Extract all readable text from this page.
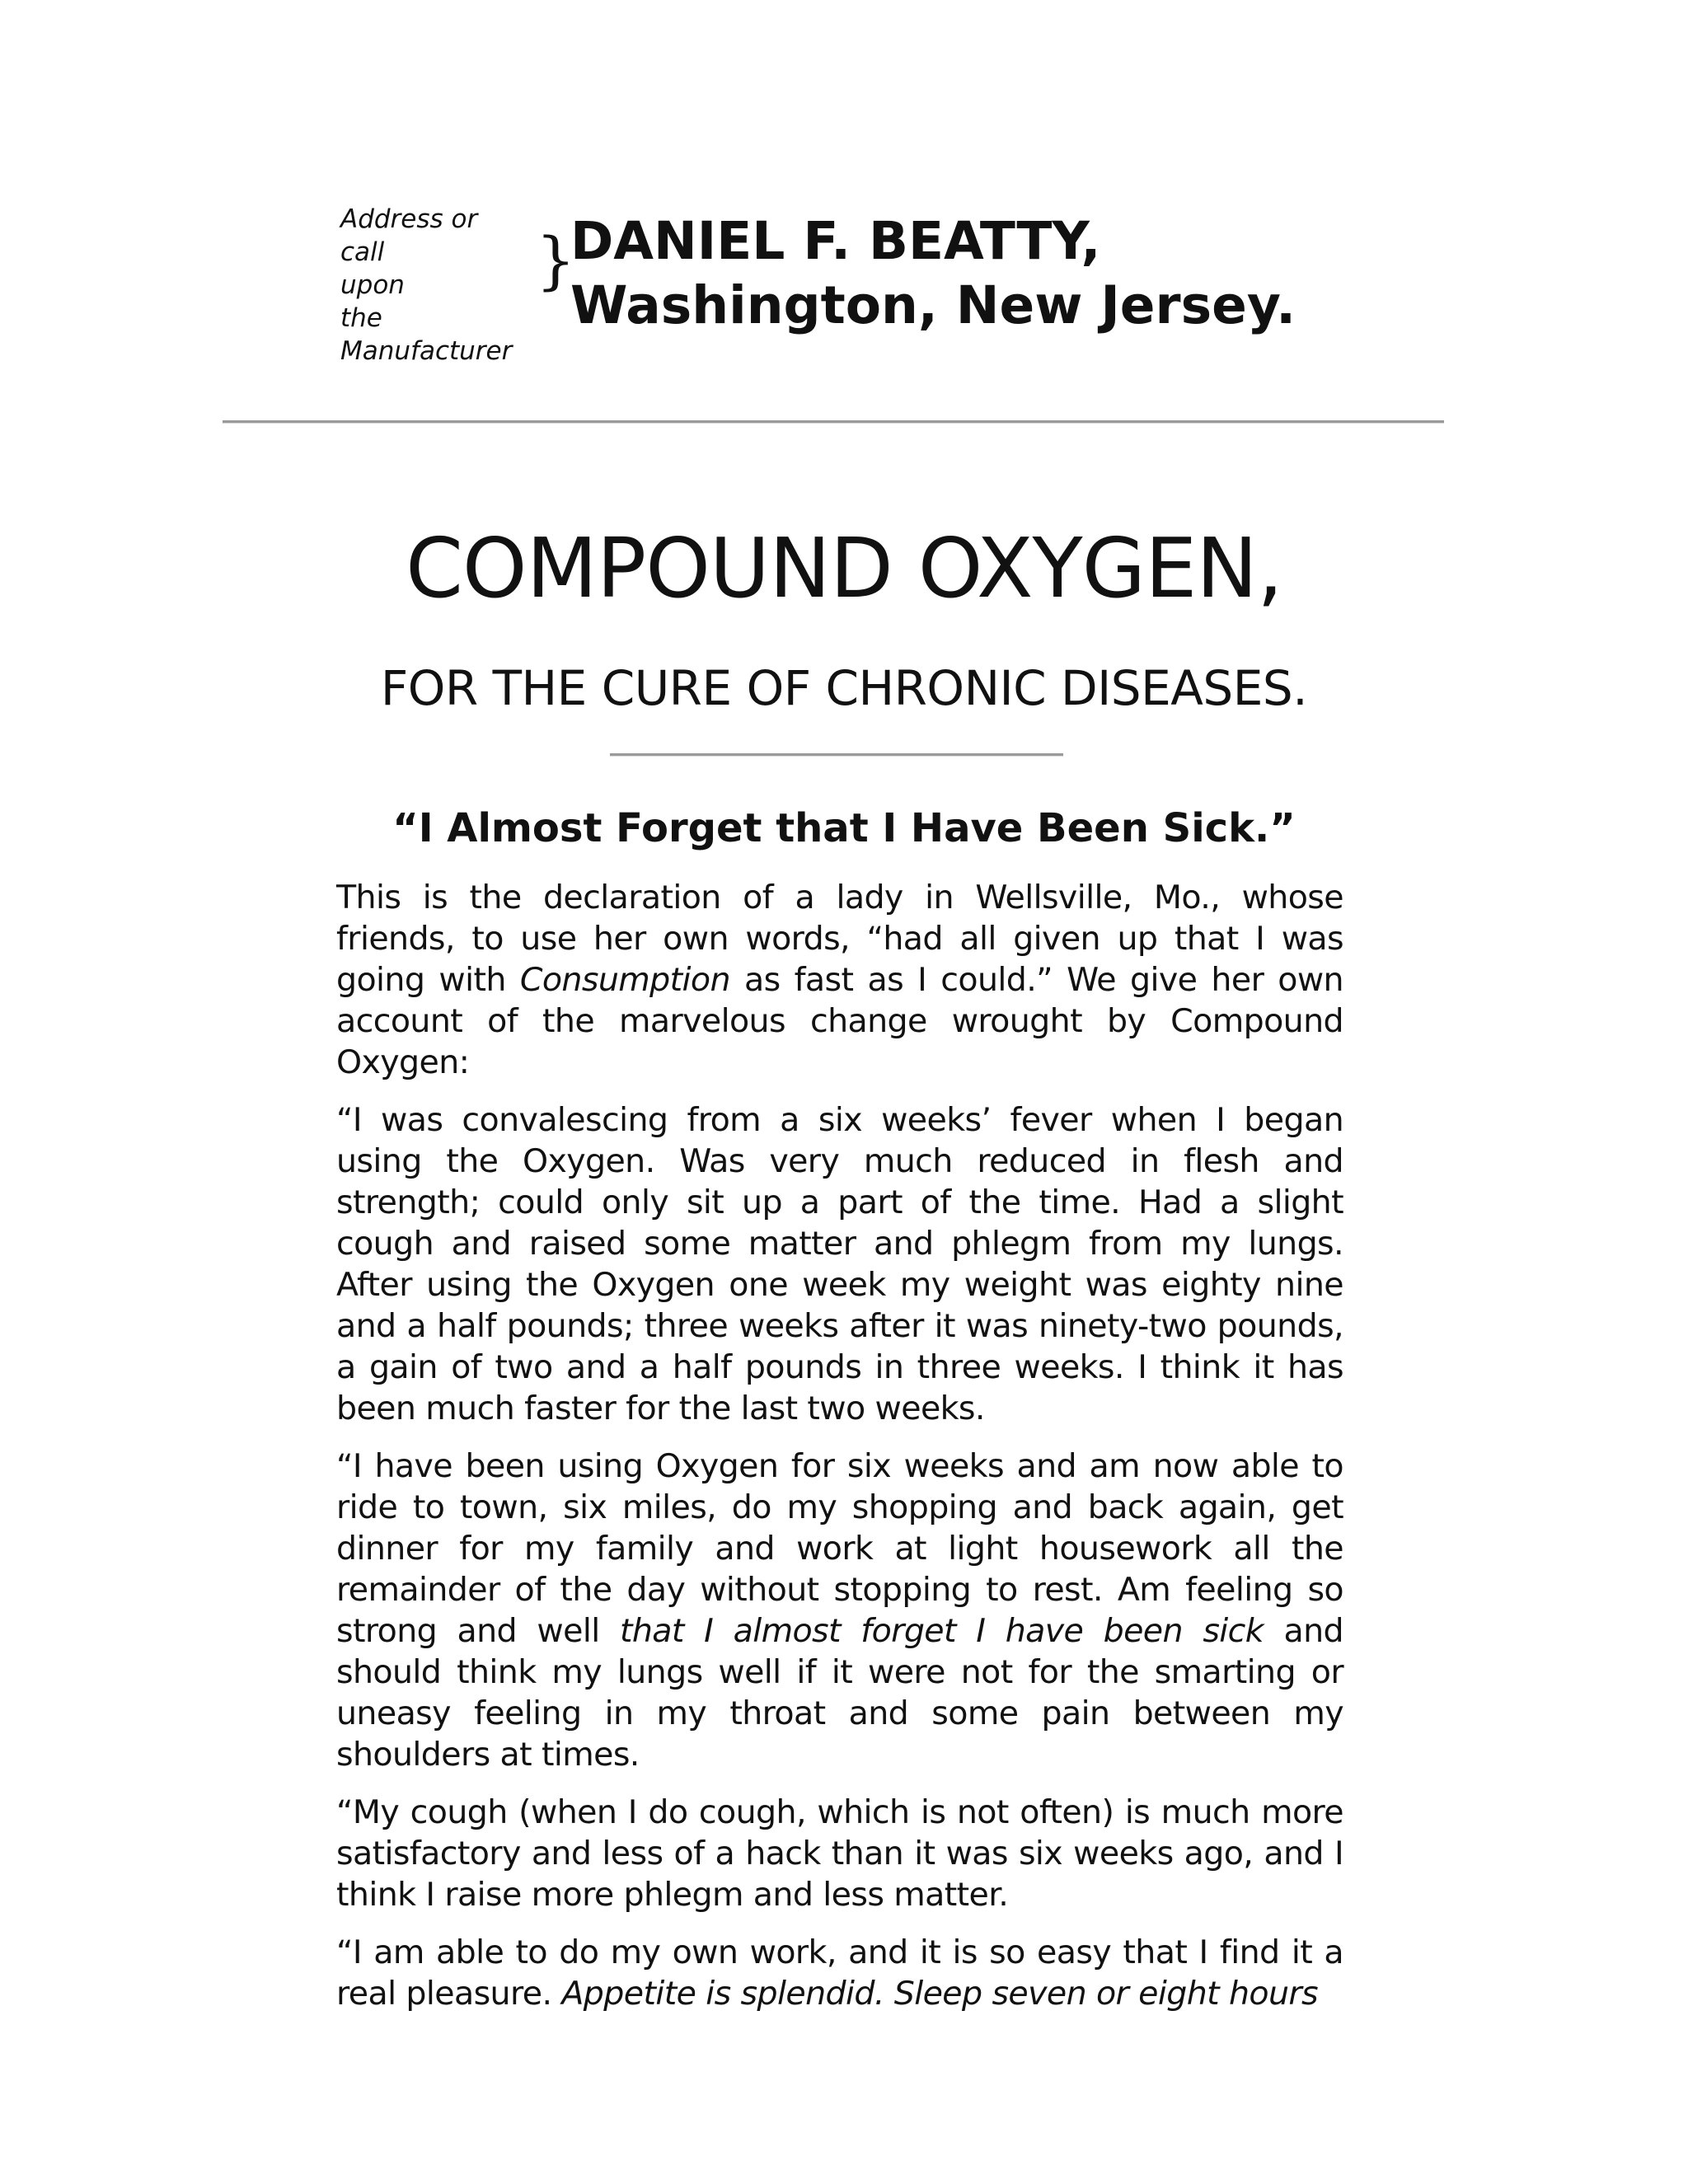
Address or call
upon
the
Manufacturer
}
DANIEL F. BEATTY,
Washington, New Jersey.
COMPOUND OXYGEN,
FOR THE CURE OF CHRONIC DISEASES.
“I Almost Forget that I Have Been Sick.”

This is the declaration of a lady in Wellsville, Mo., whose friends, to use her own words, “had all given up that I was going with Consumption as fast as I could.” We give her own account of the marvelous change wrought by Compound Oxygen:

“I was convalescing from a six weeks’ fever when I began using the Oxygen. Was very much reduced in flesh and strength; could only sit up a part of the time. Had a slight cough and raised some matter and phlegm from my lungs. After using the Oxygen one week my weight was eighty nine and a half pounds; three weeks after it was ninety-two pounds, a gain of two and a half pounds in three weeks. I think it has been much faster for the last two weeks.

“I have been using Oxygen for six weeks and am now able to ride to town, six miles, do my shopping and back again, get dinner for my family and work at light housework all the remainder of the day without stopping to rest. Am feeling so strong and well that I almost forget I have been sick and should think my lungs well if it were not for the smarting or uneasy feeling in my throat and some pain between my shoulders at times.

“My cough (when I do cough, which is not often) is much more satisfactory and less of a hack than it was six weeks ago, and I think I raise more phlegm and less matter.

“I am able to do my own work, and it is so easy that I find it a real pleasure. Appetite is splendid. Sleep seven or eight hours
